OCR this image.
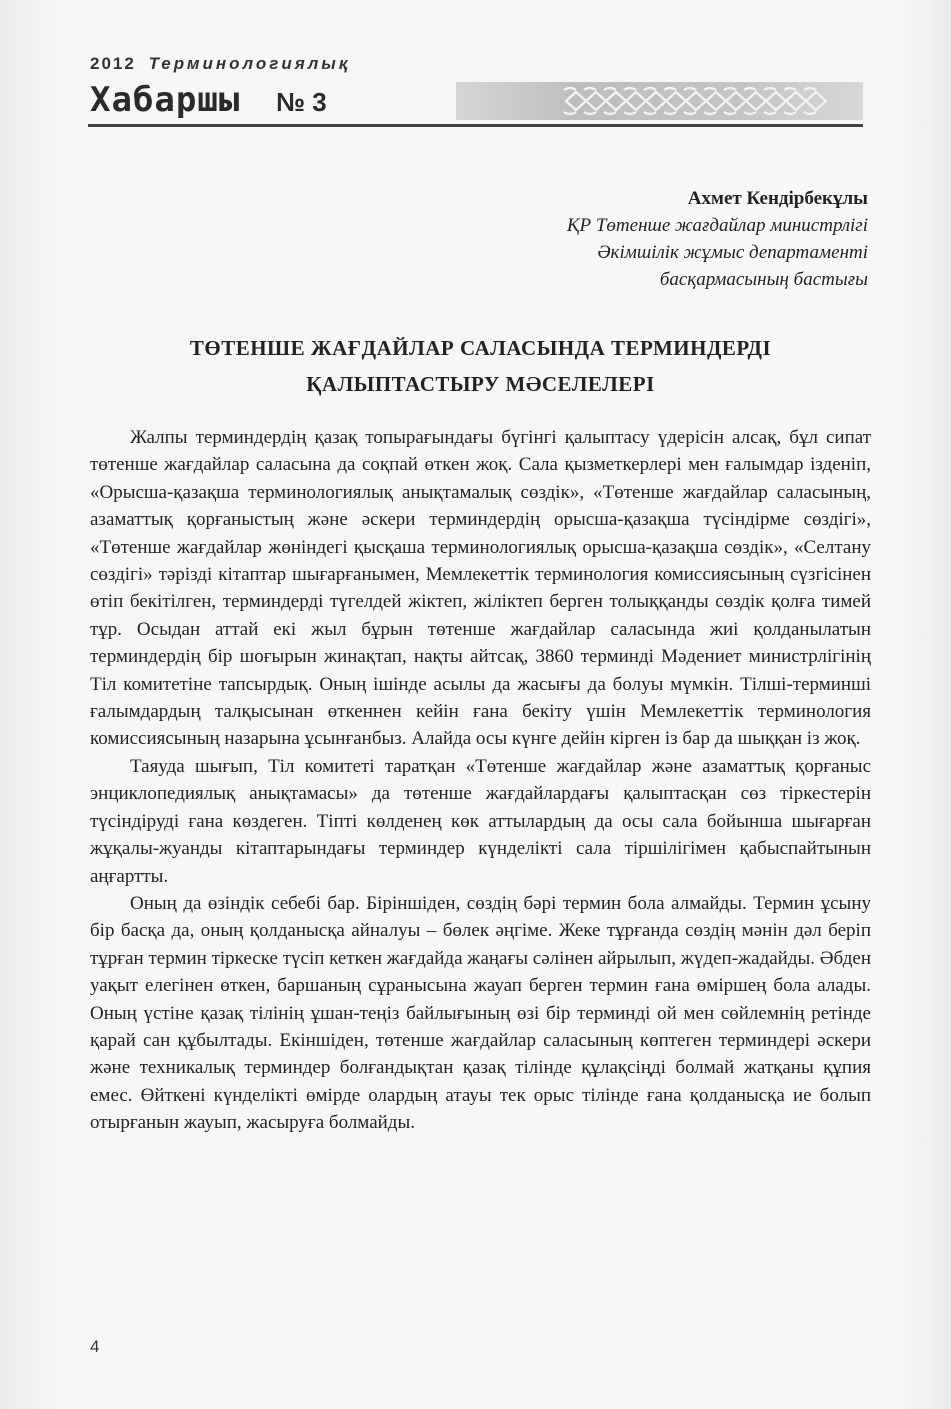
2012 Терминологиялық
Хабаршы № 3
Ахмет Кендірбекұлы
ҚР Төтенше жағдайлар министрлігі
Әкімшілік жұмыс департаменті
басқармасының бастығы
ТӨТЕНШЕ ЖАҒДАЙЛАР САЛАСЫНДА ТЕРМИНДЕРДІ
ҚАЛЫПТАСТЫРУ МӘСЕЛЕЛЕРІ

Жалпы терминдердің қазақ топырағындағы бүгінгі қалыптасу үдерісін алсақ, бұл сипат төтенше жағдайлар саласына да соқпай өткен жоқ. Сала қызметкерлері мен ғалымдар ізденіп, «Орысша-қазақша терминологиялық анықтамалық сөздік», «Төтенше жағдайлар саласының, азаматтық қорғаныстың және әскери терминдердің орысша-қазақша түсіндірме сөздігі», «Төтенше жағдайлар жөніндегі қысқаша терминологиялық орысша-қазақша сөздік», «Селтану сөздігі» тәрізді кітаптар шығарғанымен, Мемлекеттік терминология комиссиясының сүзгісінен өтіп бекітілген, терминдерді түгелдей жіктеп, жіліктеп берген толыққанды сөздік қолға тимей тұр. Осыдан аттай екі жыл бұрын төтенше жағдайлар саласында жиі қолданылатын терминдердің бір шоғырын жинақтап, нақты айтсақ, 3860 терминді Мәдениет министрлігінің Тіл комитетіне тапсырдық. Оның ішінде асылы да жасығы да болуы мүмкін. Тілші-терминші ғалымдардың талқысынан өткеннен кейін ғана бекіту үшін Мемлекеттік терминология комиссиясының назарына ұсынғанбыз. Алайда осы күнге дейін кірген із бар да шыққан із жоқ.

Таяуда шығып, Тіл комитеті таратқан «Төтенше жағдайлар және азаматтық қорғаныс энциклопедиялық анықтамасы» да төтенше жағдайлардағы қалыптасқан сөз тіркестерін түсіндіруді ғана көздеген. Тіпті көлденең көк аттылардың да осы сала бойынша шығарған жұқалы-жуанды кітаптарындағы терминдер күнделікті сала тіршілігімен қабыспайтынын аңғартты.

Оның да өзіндік себебі бар. Біріншіден, сөздің бәрі термин бола алмайды. Термин ұсыну бір басқа да, оның қолданысқа айналуы – бөлек әңгіме. Жеке тұрғанда сөздің мәнін дәл беріп тұрған термин тіркеске түсіп кеткен жағдайда жаңағы сәлінен айрылып, жүдеп-жадайды. Әбден уақыт елегінен өткен, баршаның сұранысына жауап берген термин ғана өміршең бола алады. Оның үстіне қазақ тілінің ұшан-теңіз байлығының өзі бір терминді ой мен сөйлемнің ретінде қарай сан құбылтады. Екіншіден, төтенше жағдайлар саласының көптеген терминдері әскери және техникалық терминдер болғандықтан қазақ тілінде құлақсіңді болмай жатқаны құпия емес. Өйткені күнделікті өмірде олардың атауы тек орыс тілінде ғана қолданысқа ие болып отырғанын жауып, жасыруға болмайды.

4
